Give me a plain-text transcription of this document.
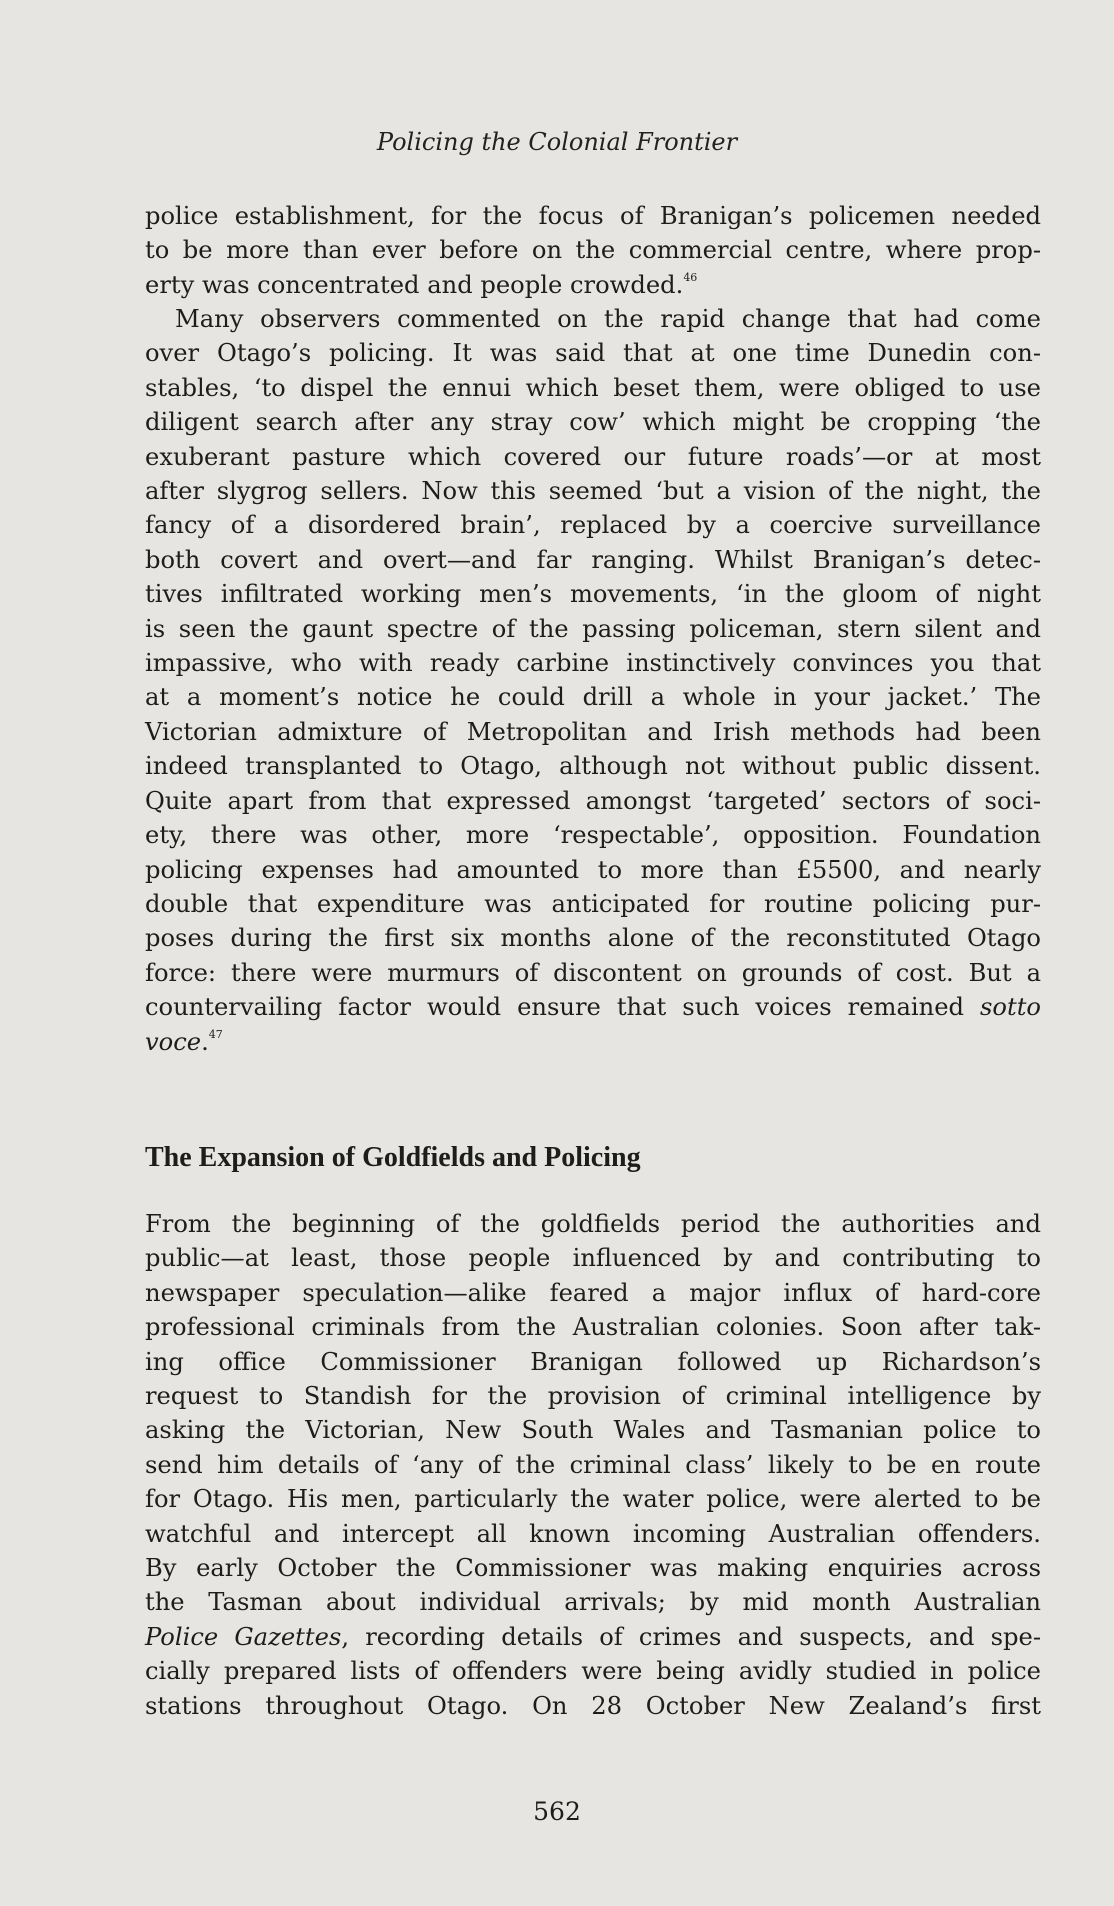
Policing the Colonial Frontier
police establishment, for the focus of Branigan’s policemen needed
to be more than ever before on the commercial centre, where prop-
erty was concentrated and people crowded.$^{46}$
Many observers commented on the rapid change that had come
over Otago’s policing. It was said that at one time Dunedin con-
stables, ‘to dispel the ennui which beset them, were obliged to use
diligent search after any stray cow’ which might be cropping ‘the
exuberant pasture which covered our future roads’—or at most
after slygrog sellers. Now this seemed ‘but a vision of the night, the
fancy of a disordered brain’, replaced by a coercive surveillance
both covert and overt—and far ranging. Whilst Branigan’s detec-
tives infiltrated working men’s movements, ‘in the gloom of night
is seen the gaunt spectre of the passing policeman, stern silent and
impassive, who with ready carbine instinctively convinces you that
at a moment’s notice he could drill a whole in your jacket.’ The
Victorian admixture of Metropolitan and Irish methods had been
indeed transplanted to Otago, although not without public dissent.
Quite apart from that expressed amongst ‘targeted’ sectors of soci-
ety, there was other, more ‘respectable’, opposition. Foundation
policing expenses had amounted to more than £5500, and nearly
double that expenditure was anticipated for routine policing pur-
poses during the first six months alone of the reconstituted Otago
force: there were murmurs of discontent on grounds of cost. But a
countervailing factor would ensure that such voices remained sotto
voce.$^{47}$
The Expansion of Goldfields and Policing
From the beginning of the goldfields period the authorities and
public—at least, those people influenced by and contributing to
newspaper speculation—alike feared a major influx of hard-core
professional criminals from the Australian colonies. Soon after tak-
ing office Commissioner Branigan followed up Richardson’s
request to Standish for the provision of criminal intelligence by
asking the Victorian, New South Wales and Tasmanian police to
send him details of ‘any of the criminal class’ likely to be en route
for Otago. His men, particularly the water police, were alerted to be
watchful and intercept all known incoming Australian offenders.
By early October the Commissioner was making enquiries across
the Tasman about individual arrivals; by mid month Australian
Police Gazettes, recording details of crimes and suspects, and spe-
cially prepared lists of offenders were being avidly studied in police
stations throughout Otago. On 28 October New Zealand’s first
562
